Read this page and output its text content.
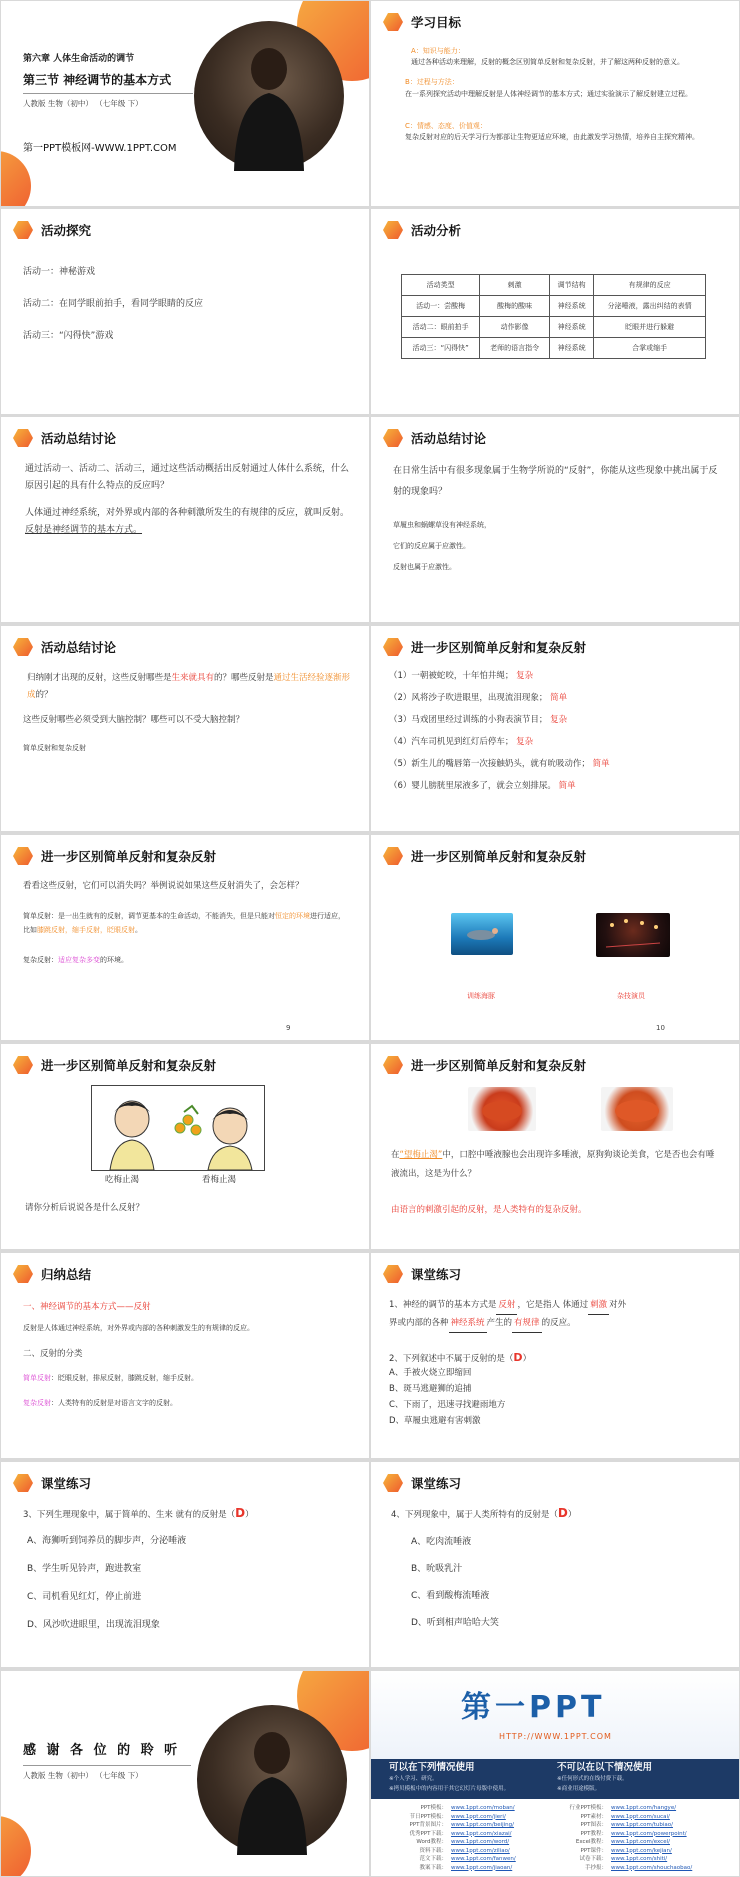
第六章 人体生命活动的调节
第三节 神经调节的基本方式
人教版 生物（初中） （七年级 下）
第一PPT模板网-WWW.1PPT.COM
学习目标
A：知识与能力：
通过各种活动来理解，反射的概念区别简单反射和复杂反射，并了解这两种反射的意义。
B：过程与方法：
在一系列探究活动中理解反射是人体神经调节的基本方式；通过实验演示了解反射建立过程。
C：情感、态度、价值观：
复杂反射对应的后天学习行为都部让生物更适应环境，由此激发学习热情，培养自主探究精神。
活动探究
活动一：神秘游戏
活动二：在同学眼前拍手，看同学眼睛的反应
活动三：“闪得快”游戏
活动分析
活动类型	刺激	调节结构	有规律的反应
活动一：尝酸梅	酸梅的酸味	神经系统	分泌唾液，露出纠结的表情
活动二：眼前拍手	动作影像	神经系统	眨眼并进行躲避
活动三：“闪得快”	老师的语言指令	神经系统	合掌或缩手
活动总结讨论
通过活动一、活动二、活动三，通过这些活动概括出反射通过人体什么系统，什么原因引起的具有什么特点的反应吗？
人体通过神经系统，对外界或内部的各种刺激所发生的有规律的反应，就叫反射。反射是神经调节的基本方式。
活动总结讨论
在日常生活中有很多现象属于生物学所说的“反射”，你能从这些现象中挑出属于反射的现象吗？
草履虫和蜗螺草没有神经系统，
它们的反应属于应激性。
反射也属于应激性。
活动总结讨论
归纳刚才出现的反射，这些反射哪些是生来就具有的？哪些反射是通过生活经验逐渐形成的？
这些反射哪些必须受到大脑控制？哪些可以不受大脑控制？
简单反射和复杂反射
进一步区别简单反射和复杂反射
（1）一朝被蛇咬，十年怕井绳； 复杂
（2）风将沙子吹进眼里，出现流泪现象； 简单
（3）马戏团里经过训练的小狗表演节目； 复杂
（4）汽车司机见到红灯后停车； 复杂
（5）新生儿的嘴唇第一次接触奶头，就有吮吸动作； 简单
（6）婴儿膀胱里尿液多了，就会立刻排尿。 简单
进一步区别简单反射和复杂反射
看看这些反射，它们可以消失吗？举例说说如果这些反射消失了，会怎样？
简单反射：是一出生就有的反射，调节更基本的生命活动，不能消失，但是只能对恒定的环境进行适应，比如膝跳反射，缩手反射，眨眼反射。
复杂反射：适应复杂多变的环境。
9
进一步区别简单反射和复杂反射
训练海豚	杂技演员
10
进一步区别简单反射和复杂反射
吃梅止渴	看梅止渴
请你分析后说说各是什么反射？
进一步区别简单反射和复杂反射
在“望梅止渴”中，口腔中唾液腺也会出现许多唾液，原狗狗谈论美食，它是否也会有唾液流出，这是为什么？
由语言的刺激引起的反射，是人类特有的复杂反射。
归纳总结
一、神经调节的基本方式——反射
反射是人体通过神经系统，对外界或内部的各种刺激发生的有规律的反应。
二、反射的分类
简单反射：眨眼反射，排尿反射，膝跳反射，缩手反射。
复杂反射：人类特有的反射是对语言文字的反射。
课堂练习
1、神经的调节的基本方式是 反射 ，它是指人 体通过 刺激 对外
界或内部的各种 神经系统 产生的 有规律 的反应。
2、下列叙述中不属于反射的是（D）
A、手被火烧立即缩回
B、斑马逃避狮的追捕
C、下雨了，迅速寻找避雨地方
D、草履虫逃避有害刺激
课堂练习
3、下列生理现象中，属于简单的、生来 就有的反射是（D）
A、海狮听到饲养员的脚步声，分泌唾液
B、学生听见铃声，跑进教室
C、司机看见红灯，停止前进
D、风沙吹进眼里，出现流泪现象
课堂练习
4、下列现象中，属于人类所特有的反射是（D）
A、吃肉流唾液
B、吮吸乳汁
C、看到酸梅流唾液
D、听到相声哈哈大笑
感 谢 各 位 的 聆 听
人教版 生物（初中） （七年级 下）
第一PPT
HTTP://WWW.1PPT.COM
可以在下列情况使用
※个人学习、研究。
※拷贝模板中的内容用于其它幻灯片母版中使用。
不可以在以下情况使用
※任何形式的在线付费下载。
※商业用途模版。
PPT模板： www.1ppt.com/moban/
节日PPT模板： www.1ppt.com/jieri/
PPT背景图片： www.1ppt.com/beijing/
优秀PPT下载： www.1ppt.com/xiazai/
Word教程： www.1ppt.com/word/
资料下载： www.1ppt.com/ziliao/
范文下载： www.1ppt.com/fanwen/
教案下载： www.1ppt.com/jiaoan/
行业PPT模板： www.1ppt.com/hangye/
PPT素材： www.1ppt.com/sucai/
PPT图表： www.1ppt.com/tubiao/
PPT教程： www.1ppt.com/powerpoint/
Excel教程： www.1ppt.com/excel/
PPT课件： www.1ppt.com/kejian/
试卷下载： www.1ppt.com/shiti/
手抄报： www.1ppt.com/shouchaobao/
